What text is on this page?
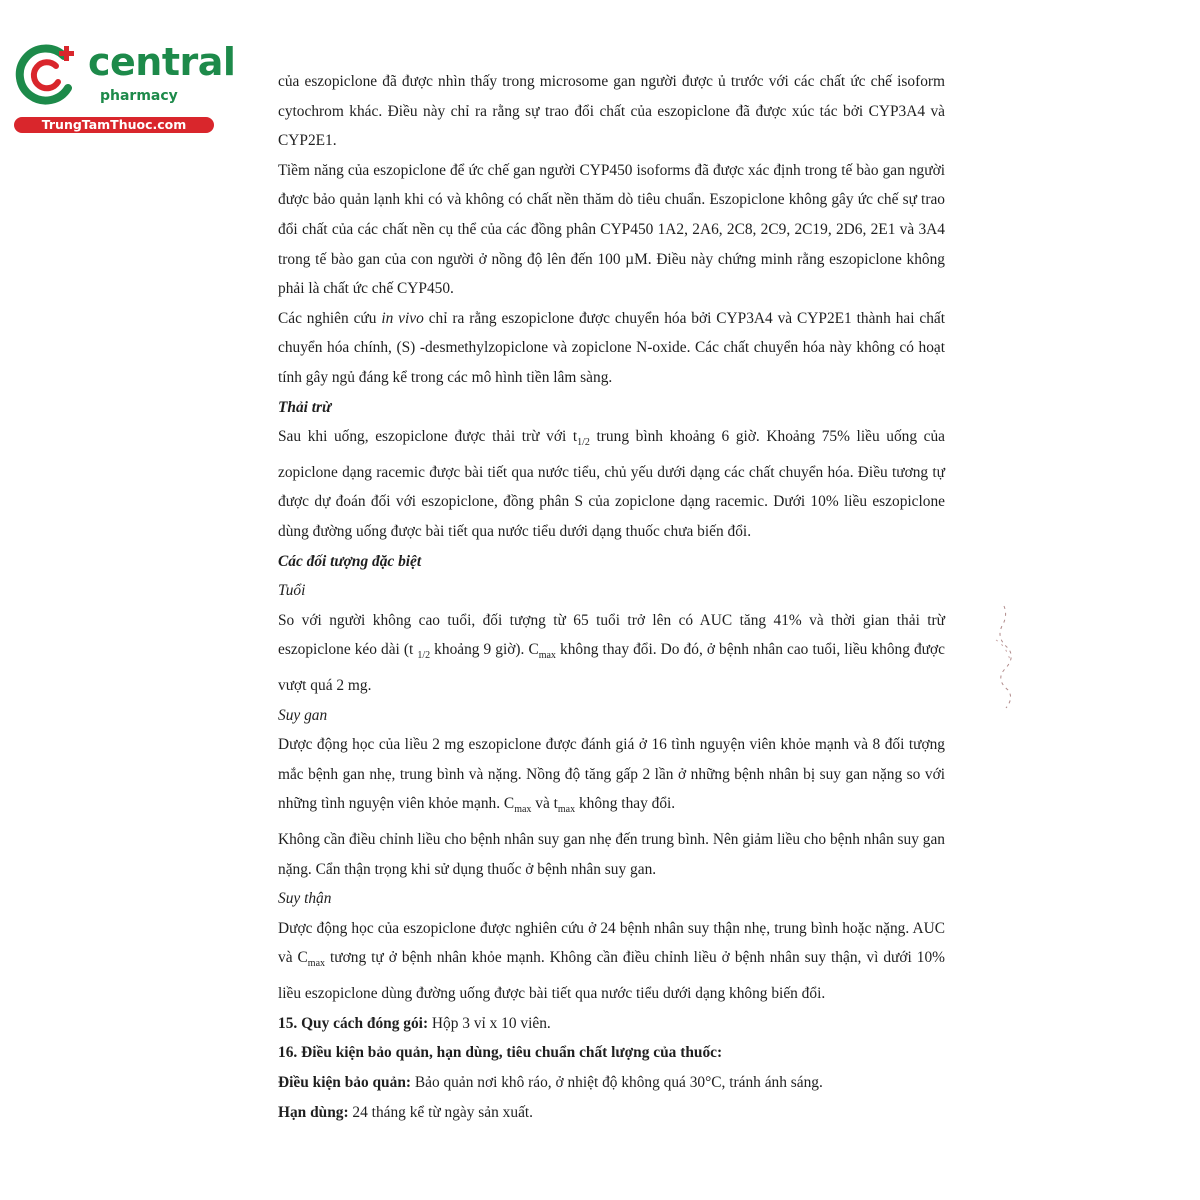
central
pharmacy
TrungTamThuoc.com

của eszopiclone đã được nhìn thấy trong microsome gan người được ủ trước với các chất ức chế isoform cytochrom khác. Điều này chỉ ra rằng sự trao đổi chất của eszopiclone đã được xúc tác bởi CYP3A4 và CYP2E1.

Tiềm năng của eszopiclone để ức chế gan người CYP450 isoforms đã được xác định trong tế bào gan người được bảo quản lạnh khi có và không có chất nền thăm dò tiêu chuẩn. Eszopiclone không gây ức chế sự trao đổi chất của các chất nền cụ thể của các đồng phân CYP450 1A2, 2A6, 2C8, 2C9, 2C19, 2D6, 2E1 và 3A4 trong tế bào gan của con người ở nồng độ lên đến 100 µM. Điều này chứng minh rằng eszopiclone không phải là chất ức chế CYP450.

Các nghiên cứu in vivo chỉ ra rằng eszopiclone được chuyển hóa bởi CYP3A4 và CYP2E1 thành hai chất chuyển hóa chính, (S) -desmethylzopiclone và zopiclone N-oxide. Các chất chuyển hóa này không có hoạt tính gây ngủ đáng kể trong các mô hình tiền lâm sàng.

Thải trừ

Sau khi uống, eszopiclone được thải trừ với $t_{1/2}$ trung bình khoảng 6 giờ. Khoảng 75% liều uống của zopiclone dạng racemic được bài tiết qua nước tiểu, chủ yếu dưới dạng các chất chuyển hóa. Điều tương tự được dự đoán đối với eszopiclone, đồng phân S của zopiclone dạng racemic. Dưới 10% liều eszopiclone dùng đường uống được bài tiết qua nước tiểu dưới dạng thuốc chưa biến đổi.

Các đối tượng đặc biệt

Tuổi

So với người không cao tuổi, đối tượng từ 65 tuổi trở lên có AUC tăng 41% và thời gian thải trừ eszopiclone kéo dài (t $_{1/2}$ khoảng 9 giờ). $C_{max}$ không thay đổi. Do đó, ở bệnh nhân cao tuổi, liều không được vượt quá 2 mg.

Suy gan

Dược động học của liều 2 mg eszopiclone được đánh giá ở 16 tình nguyện viên khỏe mạnh và 8 đối tượng mắc bệnh gan nhẹ, trung bình và nặng. Nồng độ tăng gấp 2 lần ở những bệnh nhân bị suy gan nặng so với những tình nguyện viên khỏe mạnh. $C_{max}$ và $t_{max}$ không thay đổi.

Không cần điều chỉnh liều cho bệnh nhân suy gan nhẹ đến trung bình. Nên giảm liều cho bệnh nhân suy gan nặng. Cẩn thận trọng khi sử dụng thuốc ở bệnh nhân suy gan.

Suy thận

Dược động học của eszopiclone được nghiên cứu ở 24 bệnh nhân suy thận nhẹ, trung bình hoặc nặng. AUC và $C_{max}$ tương tự ở bệnh nhân khỏe mạnh. Không cần điều chỉnh liều ở bệnh nhân suy thận, vì dưới 10% liều eszopiclone dùng đường uống được bài tiết qua nước tiểu dưới dạng không biến đổi.

15. Quy cách đóng gói: Hộp 3 vỉ x 10 viên.

16. Điều kiện bảo quản, hạn dùng, tiêu chuẩn chất lượng của thuốc:

Điều kiện bảo quản: Bảo quản nơi khô ráo, ở nhiệt độ không quá 30°C, tránh ánh sáng.

Hạn dùng: 24 tháng kể từ ngày sản xuất.
